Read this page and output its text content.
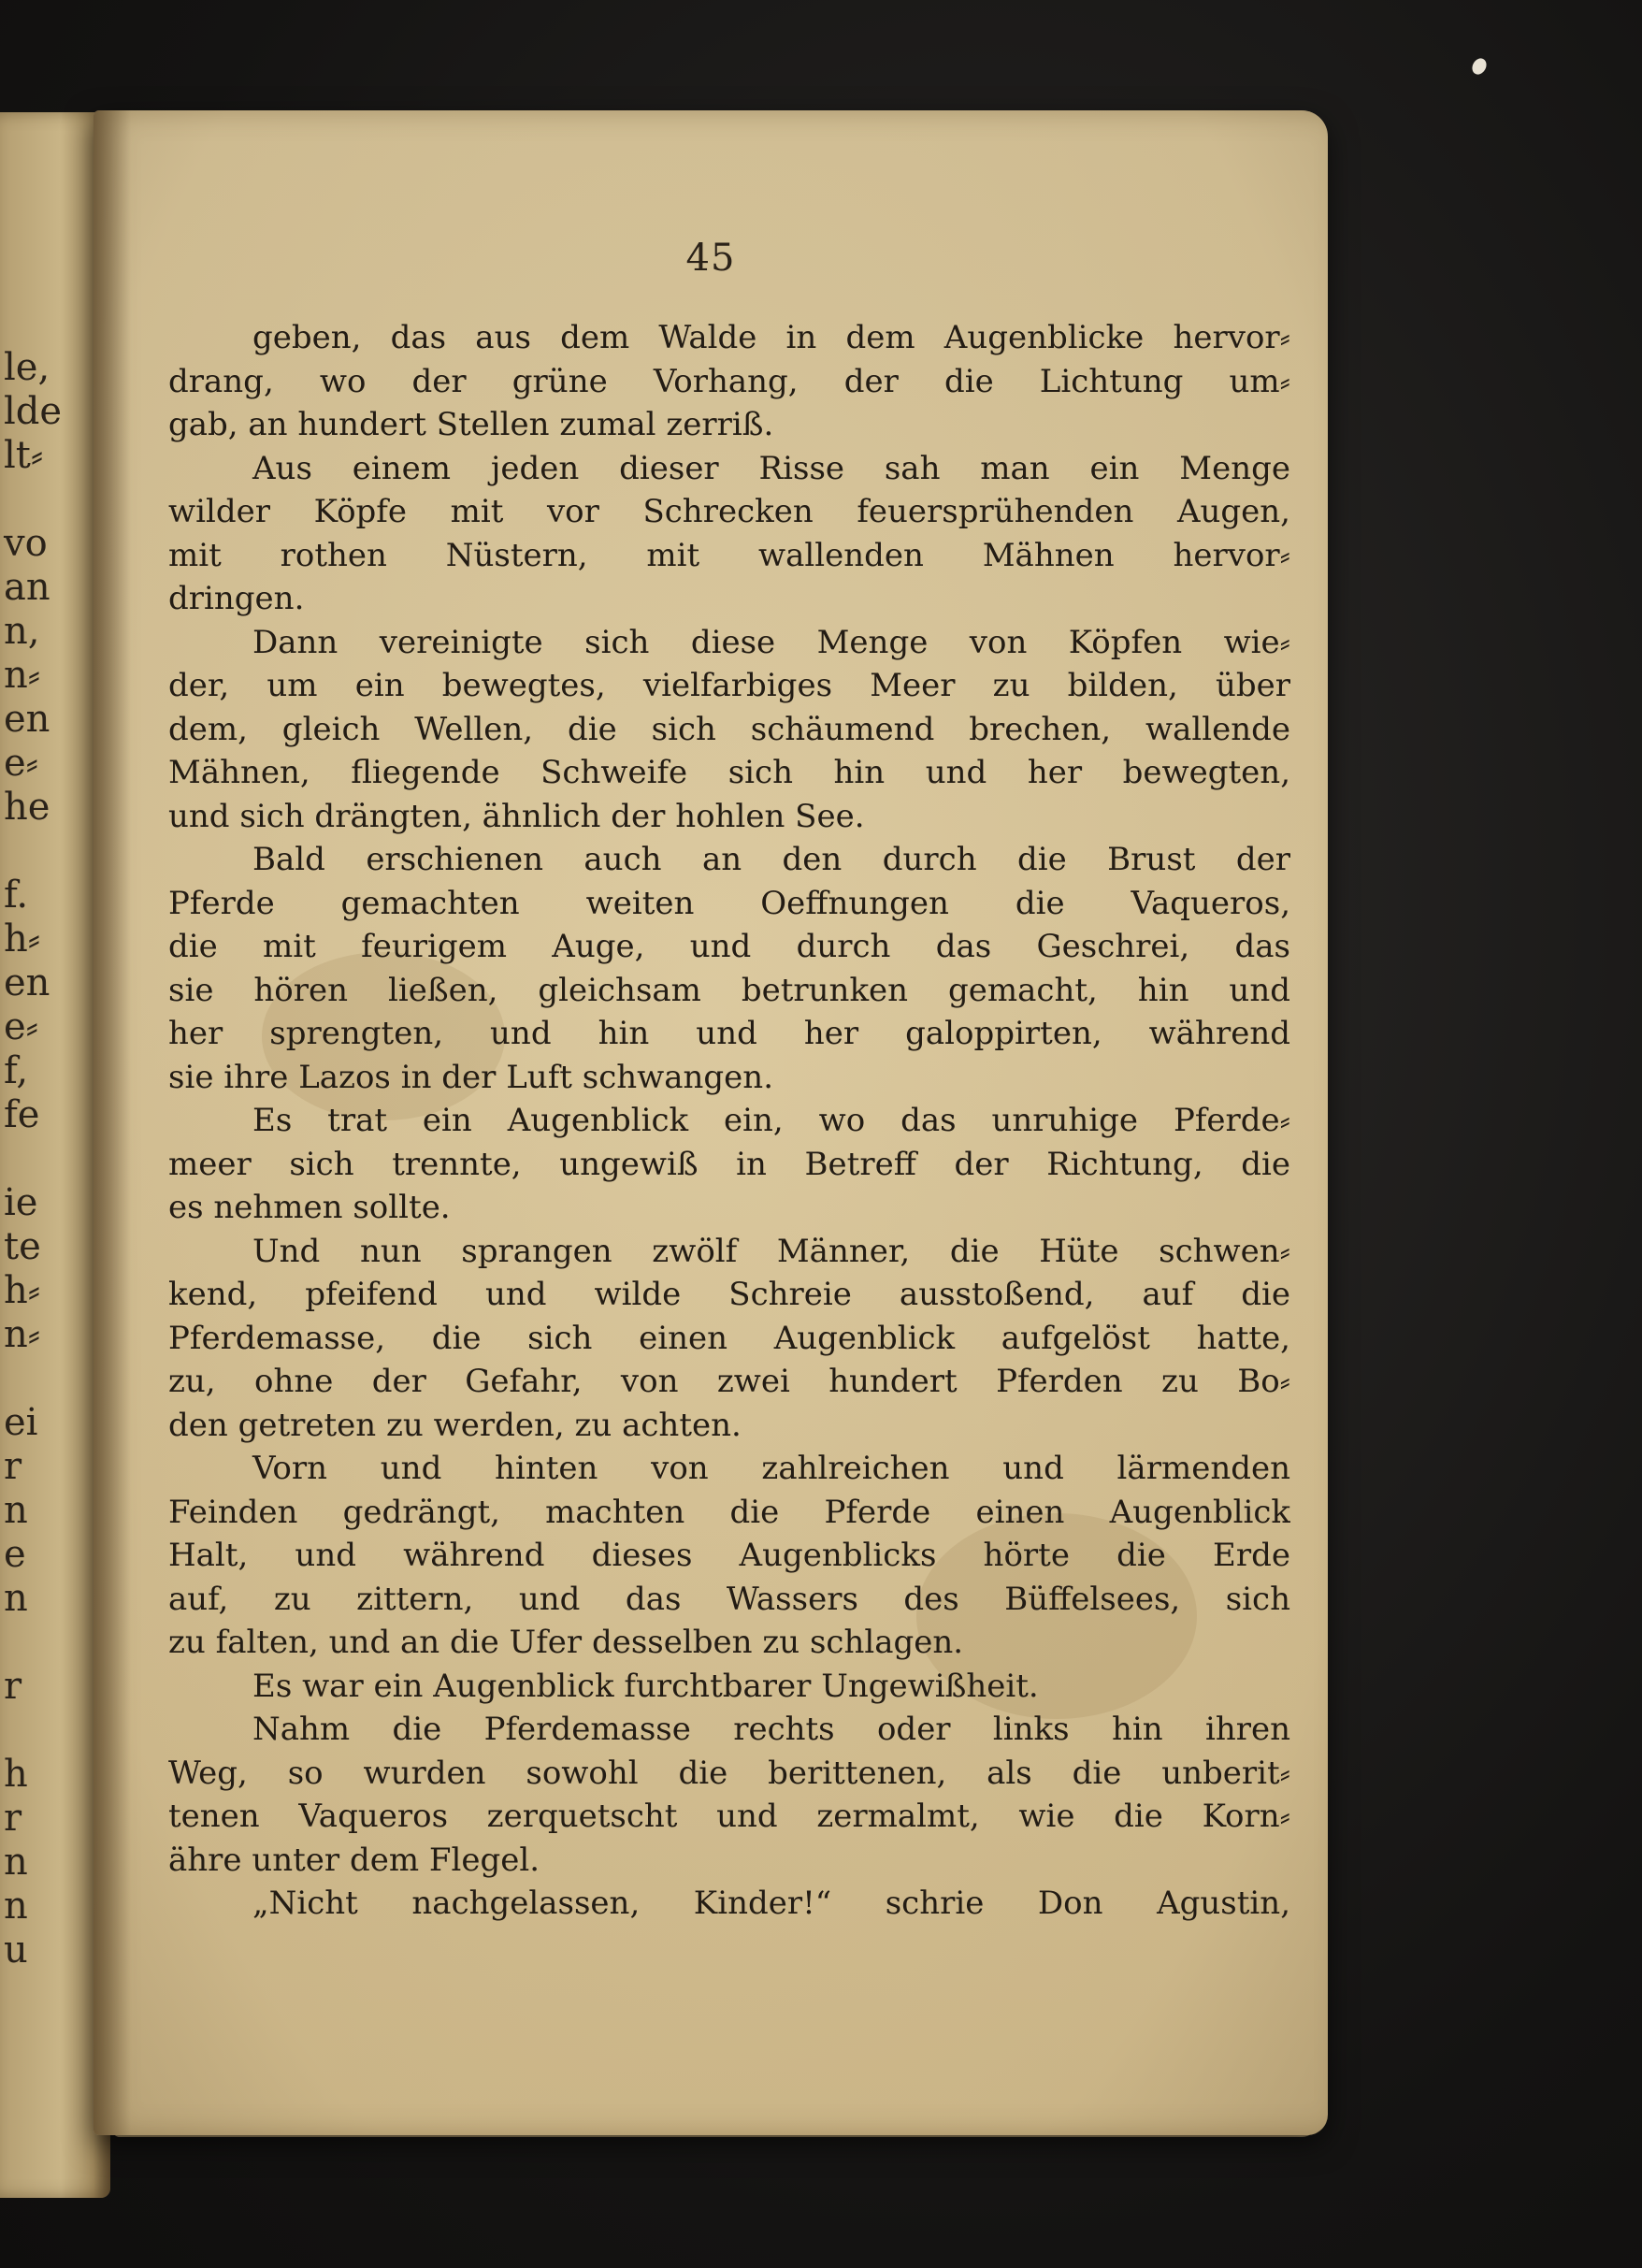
le,
lde
lt⸗
vo
an
n,
n⸗
en
e⸗
he
f.
h⸗
en
e⸗
f,
fe
ie
te
h⸗
n⸗
ei
r
n
e
n
r
h
r
n
n
u
45

geben, das aus dem Walde in dem Augenblicke hervor⸗
drang, wo der grüne Vorhang, der die Lichtung um⸗
gab, an hundert Stellen zumal zerriß.

Aus einem jeden dieser Risse sah man ein Menge
wilder Köpfe mit vor Schrecken feuersprühenden Augen,
mit rothen Nüstern, mit wallenden Mähnen hervor⸗
dringen.

Dann vereinigte sich diese Menge von Köpfen wie⸗
der, um ein bewegtes, vielfarbiges Meer zu bilden, über
dem, gleich Wellen, die sich schäumend brechen, wallende
Mähnen, fliegende Schweife sich hin und her bewegten,
und sich drängten, ähnlich der hohlen See.

Bald erschienen auch an den durch die Brust der
Pferde gemachten weiten Oeffnungen die Vaqueros,
die mit feurigem Auge, und durch das Geschrei, das
sie hören ließen, gleichsam betrunken gemacht, hin und
her sprengten, und hin und her galoppirten, während
sie ihre Lazos in der Luft schwangen.

Es trat ein Augenblick ein, wo das unruhige Pferde⸗
meer sich trennte, ungewiß in Betreff der Richtung, die
es nehmen sollte.

Und nun sprangen zwölf Männer, die Hüte schwen⸗
kend, pfeifend und wilde Schreie ausstoßend, auf die
Pferdemasse, die sich einen Augenblick aufgelöst hatte,
zu, ohne der Gefahr, von zwei hundert Pferden zu Bo⸗
den getreten zu werden, zu achten.

Vorn und hinten von zahlreichen und lärmenden
Feinden gedrängt, machten die Pferde einen Augenblick
Halt, und während dieses Augenblicks hörte die Erde
auf, zu zittern, und das Wassers des Büffelsees, sich
zu falten, und an die Ufer desselben zu schlagen.

Es war ein Augenblick furchtbarer Ungewißheit.

Nahm die Pferdemasse rechts oder links hin ihren
Weg, so wurden sowohl die berittenen, als die unberit⸗
tenen Vaqueros zerquetscht und zermalmt, wie die Korn⸗
ähre unter dem Flegel.

„Nicht nachgelassen, Kinder!“ schrie Don Agustin,
